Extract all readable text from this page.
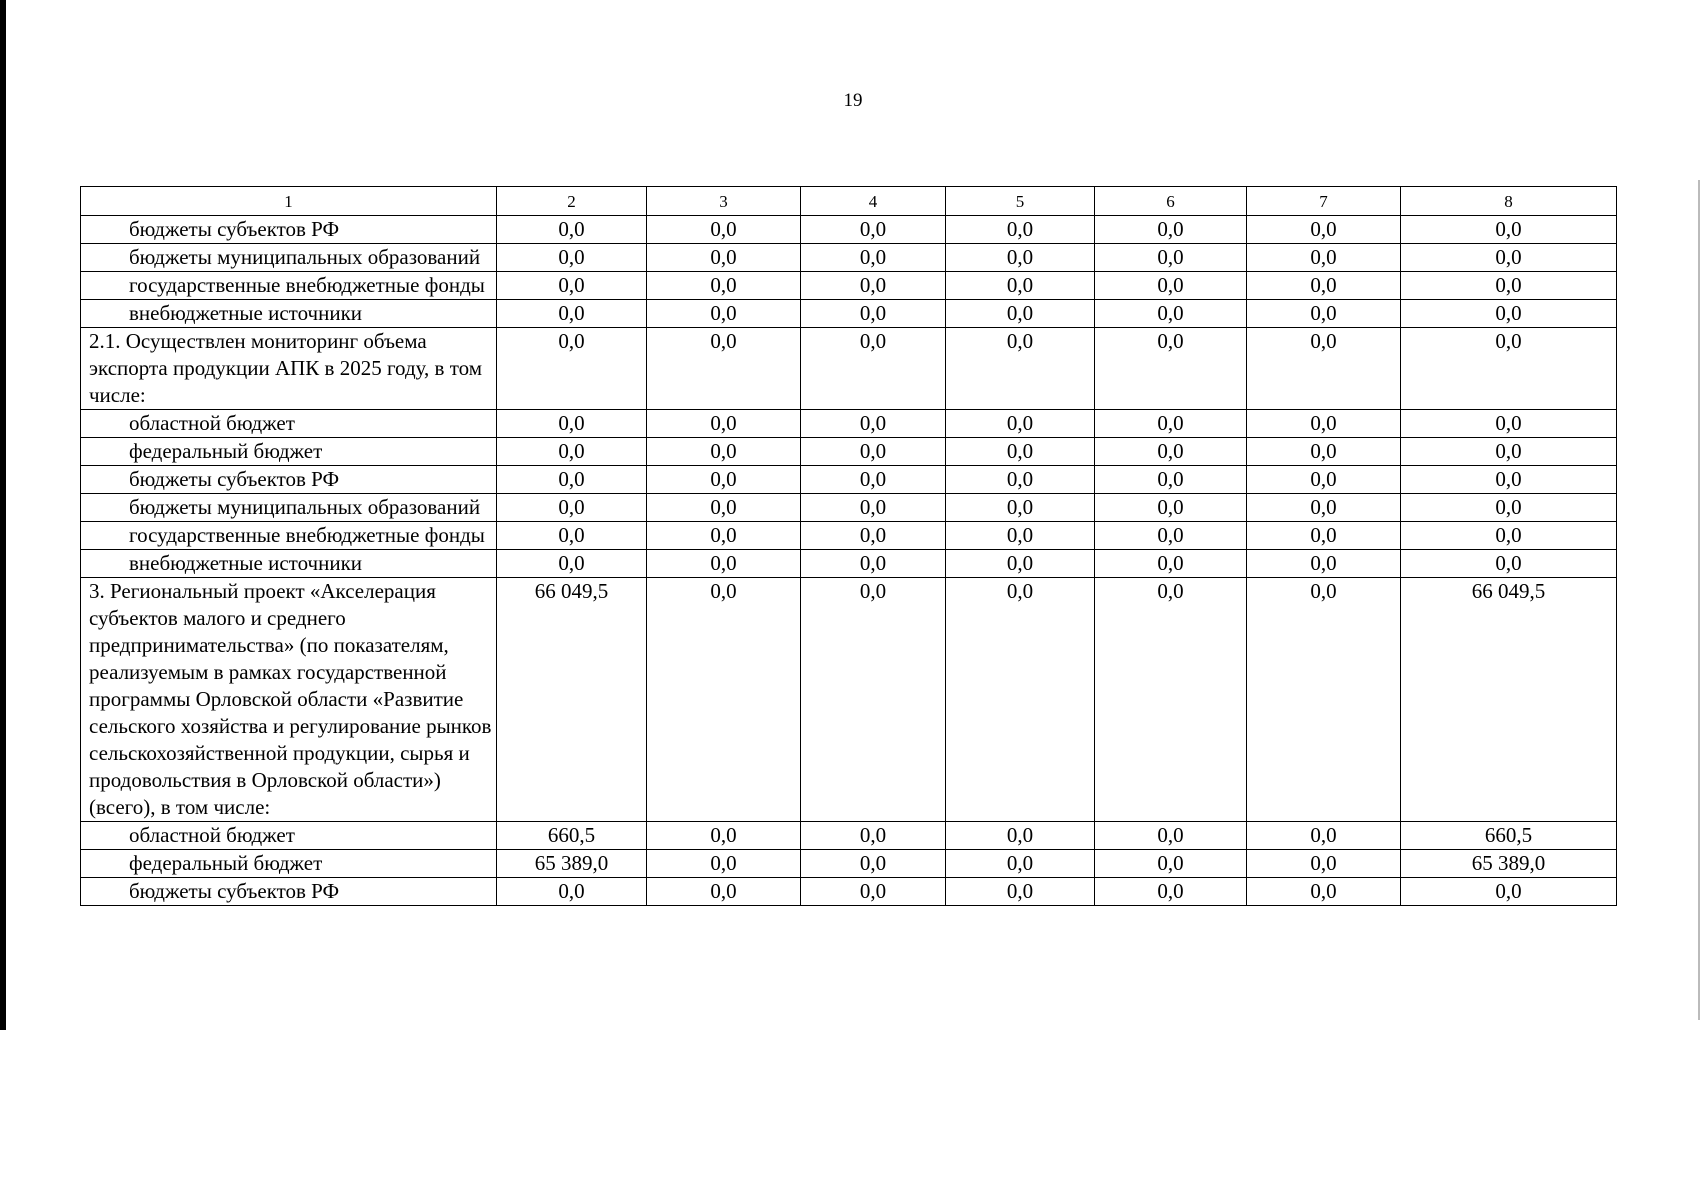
19
1	2	3	4	5	6	7	8
бюджеты субъектов РФ	0,0	0,0	0,0	0,0	0,0	0,0	0,0
бюджеты муниципальных образований	0,0	0,0	0,0	0,0	0,0	0,0	0,0
государственные внебюджетные фонды	0,0	0,0	0,0	0,0	0,0	0,0	0,0
внебюджетные источники	0,0	0,0	0,0	0,0	0,0	0,0	0,0
2.1. Осуществлен мониторинг объема экспорта продукции АПК в 2025 году, в том числе:	0,0	0,0	0,0	0,0	0,0	0,0	0,0
областной бюджет	0,0	0,0	0,0	0,0	0,0	0,0	0,0
федеральный бюджет	0,0	0,0	0,0	0,0	0,0	0,0	0,0
бюджеты субъектов РФ	0,0	0,0	0,0	0,0	0,0	0,0	0,0
бюджеты муниципальных образований	0,0	0,0	0,0	0,0	0,0	0,0	0,0
государственные внебюджетные фонды	0,0	0,0	0,0	0,0	0,0	0,0	0,0
внебюджетные источники	0,0	0,0	0,0	0,0	0,0	0,0	0,0
3. Региональный проект «Акселерация субъектов малого и среднего предпринимательства» (по показателям, реализуемым в рамках государственной программы Орловской области «Развитие сельского хозяйства и регулирование рынков сельскохозяйственной продукции, сырья и продовольствия в Орловской области») (всего), в том числе:	66 049,5	0,0	0,0	0,0	0,0	0,0	66 049,5
областной бюджет	660,5	0,0	0,0	0,0	0,0	0,0	660,5
федеральный бюджет	65 389,0	0,0	0,0	0,0	0,0	0,0	65 389,0
бюджеты субъектов РФ	0,0	0,0	0,0	0,0	0,0	0,0	0,0
